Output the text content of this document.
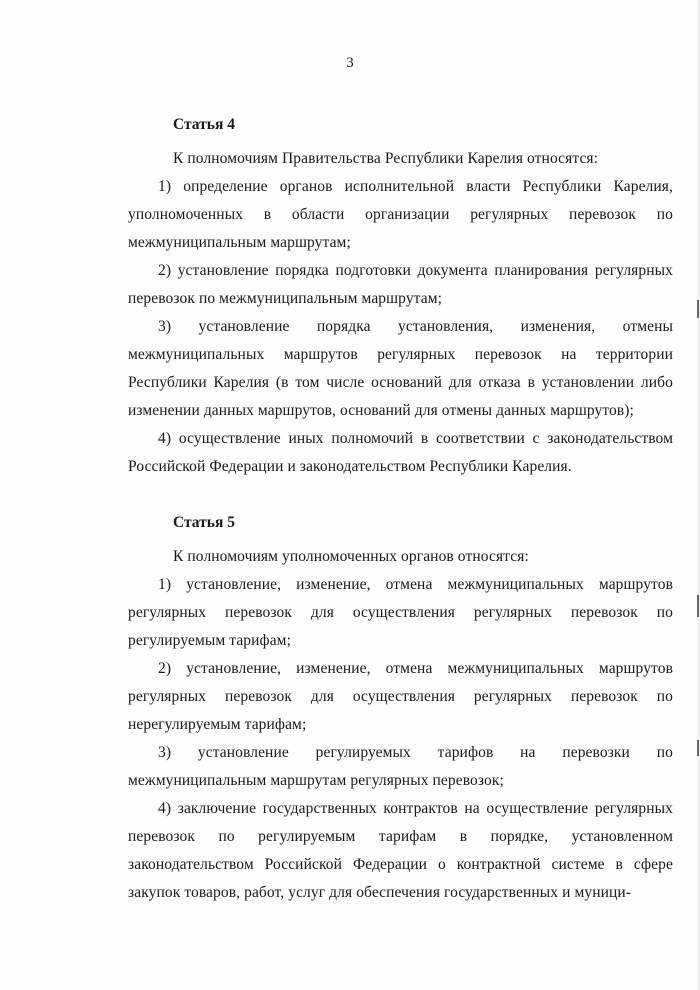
3
Статья 4

К полномочиям Правительства Республики Карелия относятся:

1) определение органов исполнительной власти Республики Карелия, уполномоченных в области организации регулярных перевозок по межмуниципальным маршрутам;

2) установление порядка подготовки документа планирования регулярных перевозок по межмуниципальным маршрутам;

3) установление порядка установления, изменения, отмены межмуниципальных маршрутов регулярных перевозок на территории Республики Карелия (в том числе оснований для отказа в установлении либо изменении данных маршрутов, оснований для отмены данных маршрутов);

4) осуществление иных полномочий в соответствии с законодательством Российской Федерации и законодательством Республики Карелия.

Статья 5

К полномочиям уполномоченных органов относятся:

1) установление, изменение, отмена межмуниципальных маршрутов регулярных перевозок для осуществления регулярных перевозок по регулируемым тарифам;

2) установление, изменение, отмена межмуниципальных маршрутов регулярных перевозок для осуществления регулярных перевозок по нерегулируемым тарифам;

3) установление регулируемых тарифов на перевозки по межмуниципальным маршрутам регулярных перевозок;

4) заключение государственных контрактов на осуществление регулярных перевозок по регулируемым тарифам в порядке, установленном законодательством Российской Федерации о контрактной системе в сфере закупок товаров, работ, услуг для обеспечения государственных и муници-
